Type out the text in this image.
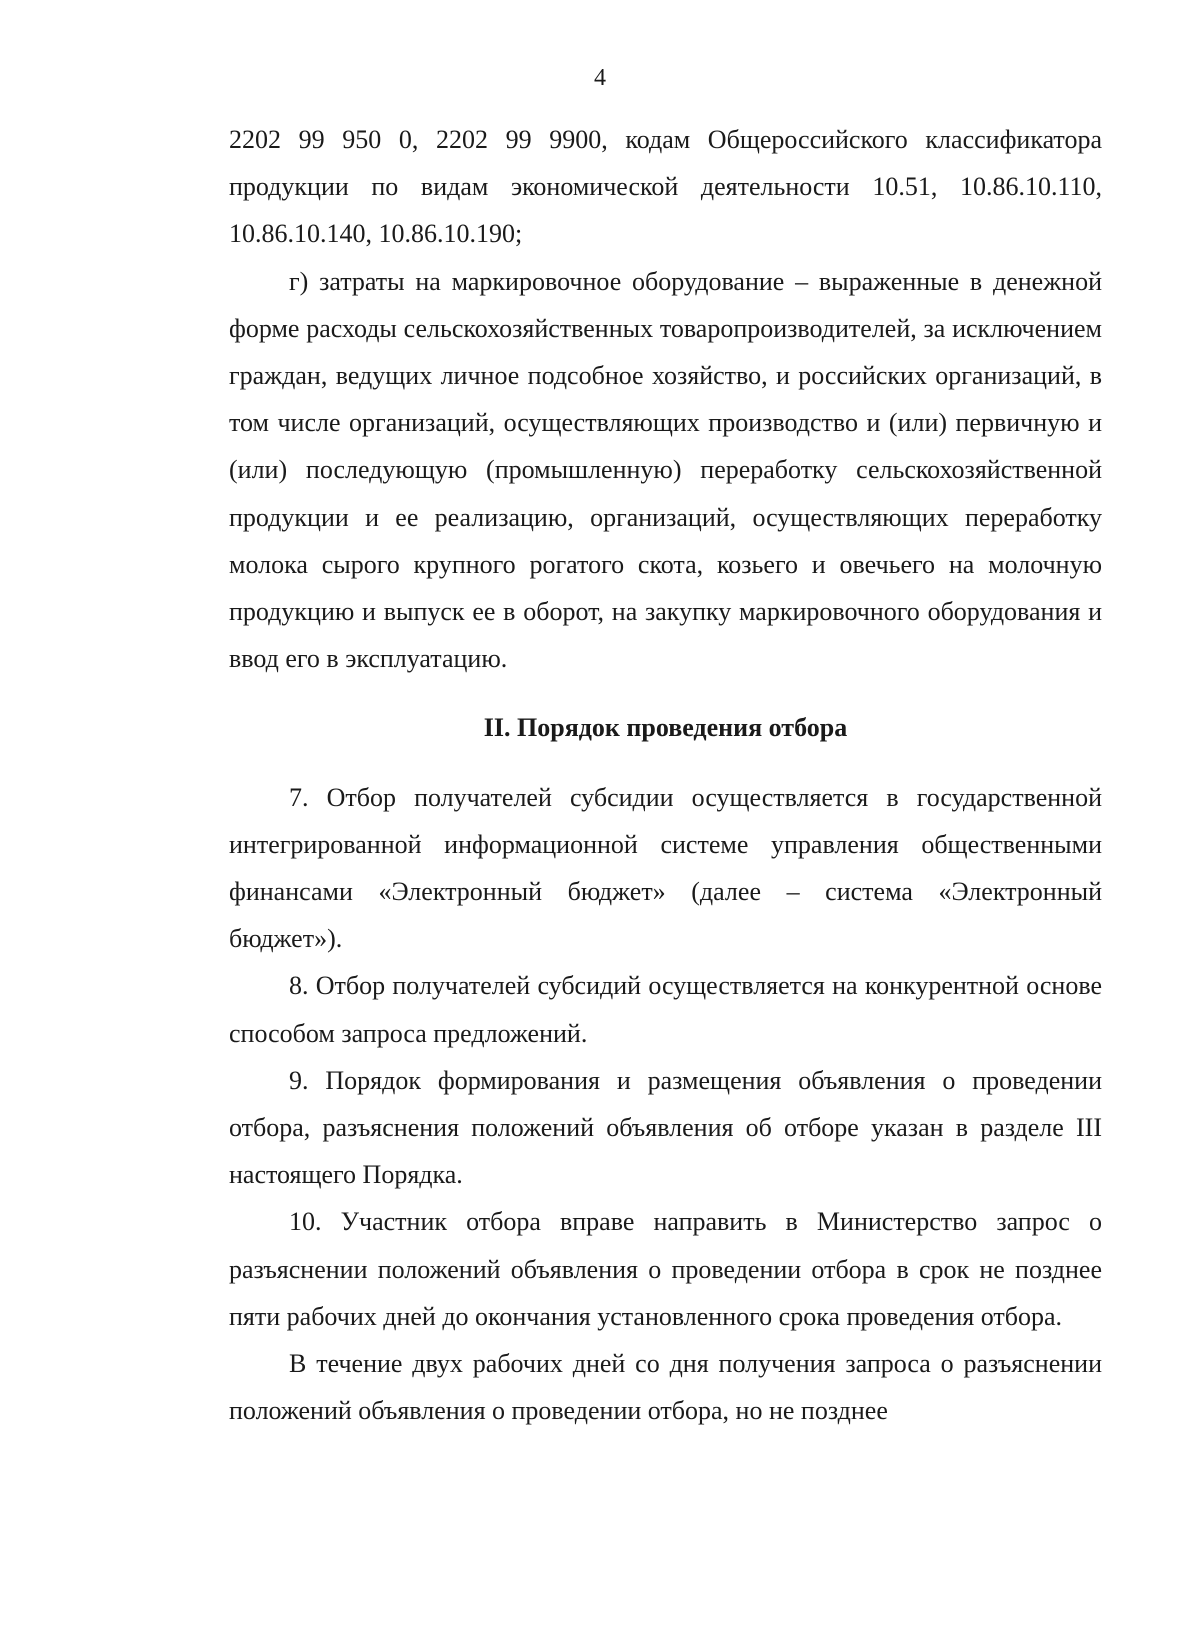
4

2202 99 950 0, 2202 99 9900, кодам Общероссийского классификатора продукции по видам экономической деятельности 10.51, 10.86.10.110, 10.86.10.140, 10.86.10.190;

г) затраты на маркировочное оборудование – выраженные в денежной форме расходы сельскохозяйственных товаропроизводителей, за исключением граждан, ведущих личное подсобное хозяйство, и российских организаций, в том числе организаций, осуществляющих производство и (или) первичную и (или) последующую (промышленную) переработку сельскохозяйственной продукции и ее реализацию, организаций, осуществляющих переработку молока сырого крупного рогатого скота, козьего и овечьего на молочную продукцию и выпуск ее в оборот, на закупку маркировочного оборудования и ввод его в эксплуатацию.

II. Порядок проведения отбора

7. Отбор получателей субсидии осуществляется в государственной интегрированной информационной системе управления общественными финансами «Электронный бюджет» (далее – система «Электронный бюджет»).

8. Отбор получателей субсидий осуществляется на конкурентной основе способом запроса предложений.

9. Порядок формирования и размещения объявления о проведении отбора, разъяснения положений объявления об отборе указан в разделе III настоящего Порядка.

10. Участник отбора вправе направить в Министерство запрос о разъяснении положений объявления о проведении отбора в срок не позднее пяти рабочих дней до окончания установленного срока проведения отбора.

В течение двух рабочих дней со дня получения запроса о разъяснении положений объявления о проведении отбора, но не позднее
